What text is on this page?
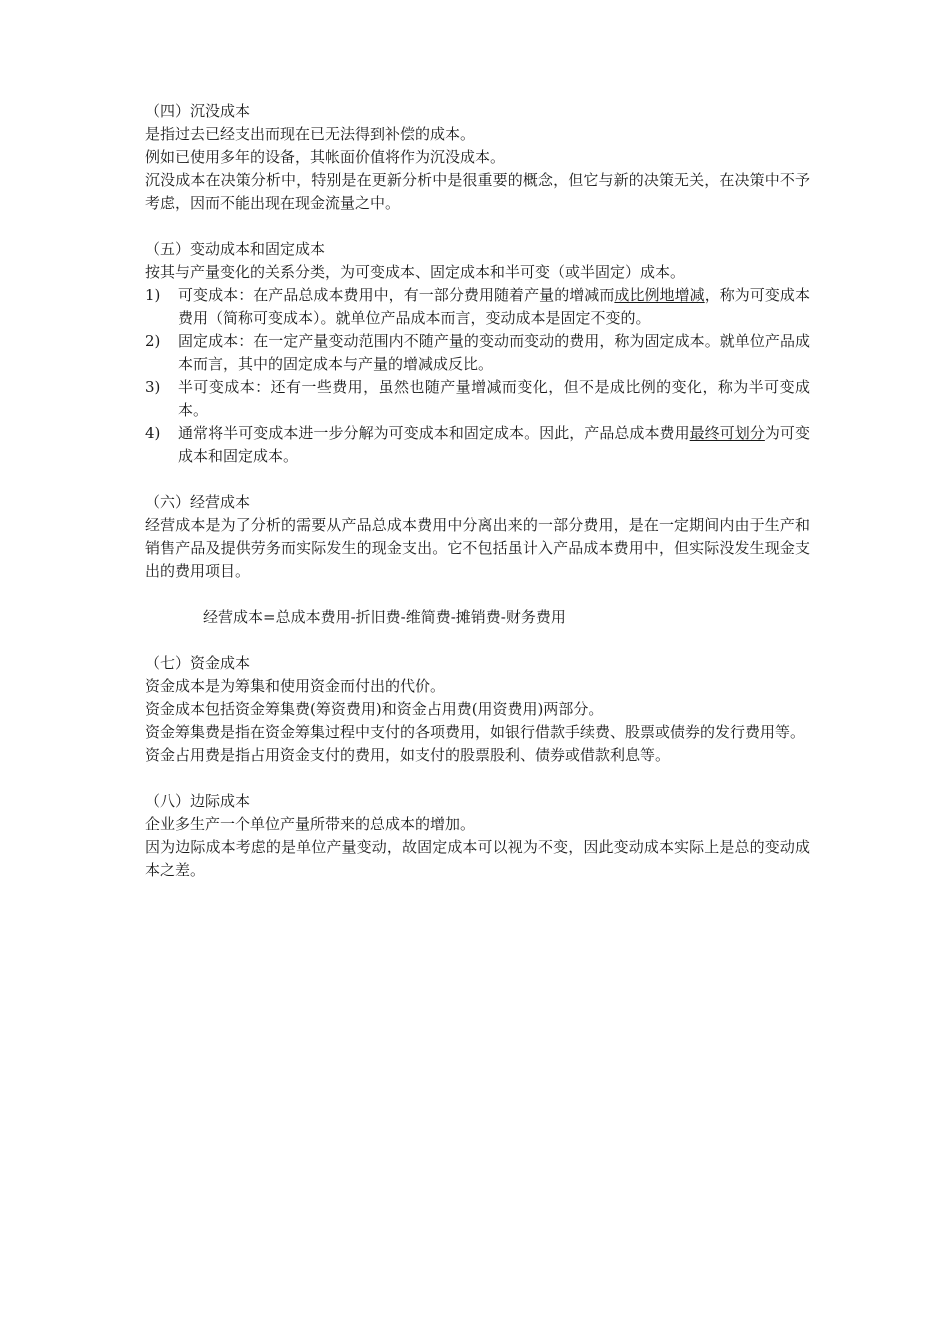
（四）沉没成本

是指过去已经支出而现在已无法得到补偿的成本。

例如已使用多年的设备，其帐面价值将作为沉没成本。

沉没成本在决策分析中，特别是在更新分析中是很重要的概念，但它与新的决策无关，在决策中不予考虑，因而不能出现在现金流量之中。

（五）变动成本和固定成本

按其与产量变化的关系分类，为可变成本、固定成本和半可变（或半固定）成本。

1) 可变成本：在产品总成本费用中，有一部分费用随着产量的增减而成比例地增减，称为可变成本费用（简称可变成本）。就单位产品成本而言，变动成本是固定不变的。
2) 固定成本：在一定产量变动范围内不随产量的变动而变动的费用，称为固定成本。就单位产品成本而言，其中的固定成本与产量的增减成反比。
3) 半可变成本：还有一些费用，虽然也随产量增减而变化，但不是成比例的变化，称为半可变成本。
4) 通常将半可变成本进一步分解为可变成本和固定成本。因此，产品总成本费用最终可划分为可变成本和固定成本。

（六）经营成本

经营成本是为了分析的需要从产品总成本费用中分离出来的一部分费用，是在一定期间内由于生产和销售产品及提供劳务而实际发生的现金支出。它不包括虽计入产品成本费用中，但实际没发生现金支出的费用项目。

经营成本=总成本费用-折旧费-维简费-摊销费-财务费用

（七）资金成本

资金成本是为筹集和使用资金而付出的代价。

资金成本包括资金筹集费(筹资费用)和资金占用费(用资费用)两部分。

资金筹集费是指在资金筹集过程中支付的各项费用，如银行借款手续费、股票或债券的发行费用等。

资金占用费是指占用资金支付的费用，如支付的股票股利、债券或借款利息等。

（八）边际成本

企业多生产一个单位产量所带来的总成本的增加。

因为边际成本考虑的是单位产量变动，故固定成本可以视为不变，因此变动成本实际上是总的变动成本之差。
